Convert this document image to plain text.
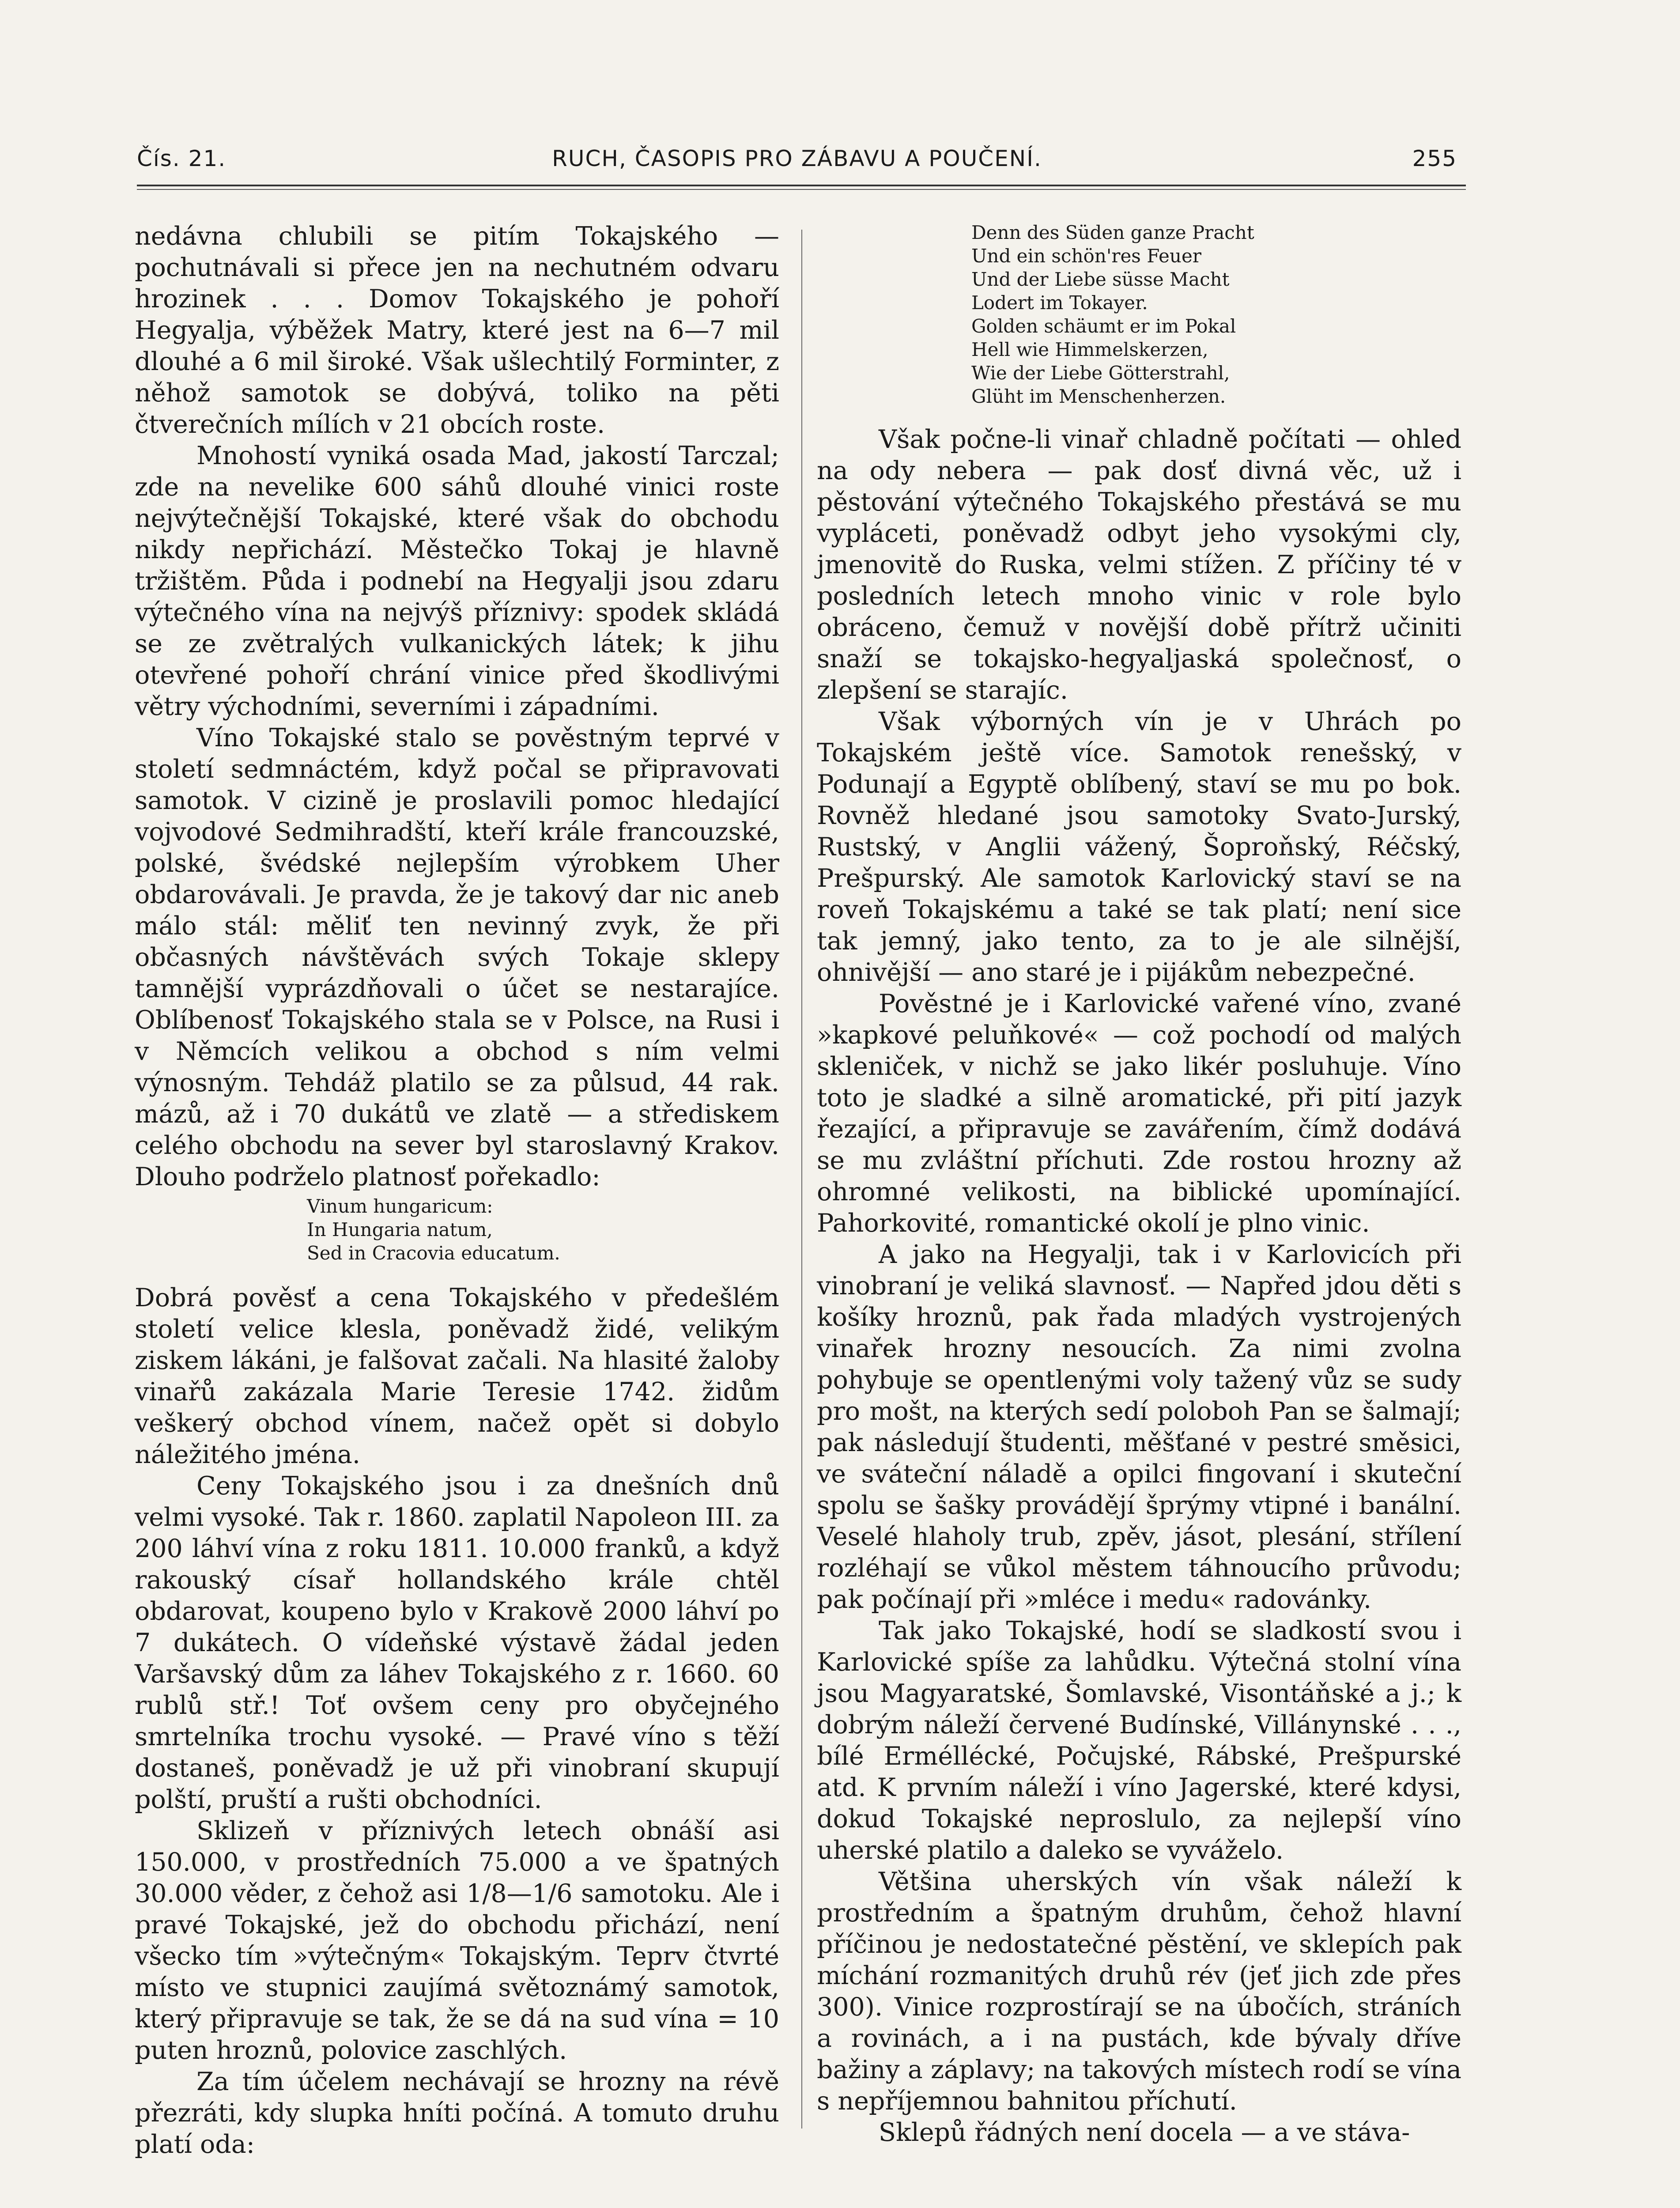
Čís. 21.	RUCH, ČASOPIS PRO ZÁBAVU A POUČENÍ.	255

nedávna chlubili se pitím Tokajského — pochutnávali si přece jen na nechutném odvaru hrozinek . . . Domov Tokajského je pohoří Hegyalja, výběžek Matry, které jest na 6—7 mil dlouhé a 6 mil široké. Však ušlechtilý Forminter, z něhož samotok se dobývá, toliko na pěti čtverečních mílích v 21 obcích roste.

Mnohostí vyniká osada Mad, jakostí Tarczal; zde na nevelike 600 sáhů dlouhé vinici roste nejvýtečnější Tokajské, které však do obchodu nikdy nepřichází. Městečko Tokaj je hlavně tržištěm. Půda i podnebí na Hegyalji jsou zdaru výtečného vína na nejvýš příznivy: spodek skládá se ze zvětralých vulkanických látek; k jihu otevřené pohoří chrání vinice před škodlivými větry východními, severními i západními.

Víno Tokajské stalo se pověstným teprvé v století sedmnáctém, když počal se připravovati samotok. V cizině je proslavili pomoc hledající vojvodové Sedmihradští, kteří krále francouzské, polské, švédské nejlepším výrobkem Uher obdarovávali. Je pravda, že je takový dar nic aneb málo stál: měliť ten nevinný zvyk, že při občasných návštěvách svých Tokaje sklepy tamnější vyprázdňovali o účet se nestarajíce. Oblíbenosť Tokajského stala se v Polsce, na Rusi i v Němcích velikou a obchod s ním velmi výnosným. Tehdáž platilo se za půlsud, 44 rak. mázů, až i 70 dukátů ve zlatě — a střediskem celého obchodu na sever byl staroslavný Krakov. Dlouho podrželo platnosť pořekadlo:

Vinum hungaricum:
In Hungaria natum,
Sed in Cracovia educatum.

Dobrá pověsť a cena Tokajského v předešlém století velice klesla, poněvadž židé, velikým ziskem lákáni, je falšovat začali. Na hlasité žaloby vinařů zakázala Marie Teresie 1742. židům veškerý obchod vínem, načež opět si dobylo náležitého jména.

Ceny Tokajského jsou i za dnešních dnů velmi vysoké. Tak r. 1860. zaplatil Napoleon III. za 200 láhví vína z roku 1811. 10.000 franků, a když rakouský císař hollandského krále chtěl obdarovat, koupeno bylo v Krakově 2000 láhví po 7 dukátech. O vídeňské výstavě žádal jeden Varšavský dům za láhev Tokajského z r. 1660. 60 rublů stř.! Toť ovšem ceny pro obyčejného smrtelníka trochu vysoké. — Pravé víno s těží dostaneš, poněvadž je už při vinobraní skupují polští, pruští a rušti obchodníci.

Sklizeň v příznivých letech obnáší asi 150.000, v prostředních 75.000 a ve špatných 30.000 věder, z čehož asi 1/8—1/6 samotoku. Ale i pravé Tokajské, jež do obchodu přichází, není všecko tím »výtečným« Tokajským. Teprv čtvrté místo ve stupnici zaujímá světoznámý samotok, který připravuje se tak, že se dá na sud vína = 10 puten hroznů, polovice zaschlých.

Za tím účelem nechávají se hrozny na révě přezráti, kdy slupka hníti počíná. A tomuto druhu platí oda:

Denn des Süden ganze Pracht
Und ein schön'res Feuer
Und der Liebe süsse Macht
Lodert im Tokayer.
Golden schäumt er im Pokal
Hell wie Himmelskerzen,
Wie der Liebe Götterstrahl,
Glüht im Menschenherzen.

Však počne-li vinař chladně počítati — ohled na ody nebera — pak dosť divná věc, už i pěstování výtečného Tokajského přestává se mu vypláceti, poněvadž odbyt jeho vysokými cly, jmenovitě do Ruska, velmi stížen. Z příčiny té v posledních letech mnoho vinic v role bylo obráceno, čemuž v novější době přítrž učiniti snaží se tokajsko-hegyaljaská společnosť, o zlepšení se starajíc.

Však výborných vín je v Uhrách po Tokajském ještě více. Samotok renešský, v Podunají a Egyptě oblíbený, staví se mu po bok. Rovněž hledané jsou samotoky Svato-Jurský, Rustský, v Anglii vážený, Šoproňský, Réčský, Prešpurský. Ale samotok Karlovický staví se na roveň Tokajskému a také se tak platí; není sice tak jemný, jako tento, za to je ale silnější, ohnivější — ano staré je i pijákům nebezpečné.

Pověstné je i Karlovické vařené víno, zvané »kapkové peluňkové« — což pochodí od malých skleniček, v nichž se jako likér posluhuje. Víno toto je sladké a silně aromatické, při pití jazyk řezající, a připravuje se zavářením, čímž dodává se mu zvláštní příchuti. Zde rostou hrozny až ohromné velikosti, na biblické upomínající. Pahorkovité, romantické okolí je plno vinic.

A jako na Hegyalji, tak i v Karlovicích při vinobraní je veliká slavnosť. — Napřed jdou děti s košíky hroznů, pak řada mladých vystrojených vinařek hrozny nesoucích. Za nimi zvolna pohybuje se opentlenými voly tažený vůz se sudy pro mošt, na kterých sedí poloboh Pan se šalmají; pak následují študenti, měšťané v pestré směsici, ve sváteční náladě a opilci fingovaní i skuteční spolu se šašky provádějí šprýmy vtipné i banální. Veselé hlaholy trub, zpěv, jásot, plesání, střílení rozléhají se vůkol městem táhnoucího průvodu; pak počínají při »mléce i medu« radovánky.

Tak jako Tokajské, hodí se sladkostí svou i Karlovické spíše za lahůdku. Výtečná stolní vína jsou Magyaratské, Šomlavské, Visontáňské a j.; k dobrým náleží červené Budínské, Villánynské . . ., bílé Erméllécké, Počujské, Rábské, Prešpurské atd. K prvním náleží i víno Jagerské, které kdysi, dokud Tokajské neproslulo, za nejlepší víno uherské platilo a daleko se vyváželo.

Většina uherských vín však náleží k prostředním a špatným druhům, čehož hlavní příčinou je nedostatečné pěstění, ve sklepích pak míchání rozmanitých druhů rév (jeť jich zde přes 300). Vinice rozprostírají se na úbočích, stráních a rovinách, a i na pustách, kde bývaly dříve bažiny a záplavy; na takových místech rodí se vína s nepříjemnou bahnitou příchutí.

Sklepů řádných není docela — a ve stáva-
